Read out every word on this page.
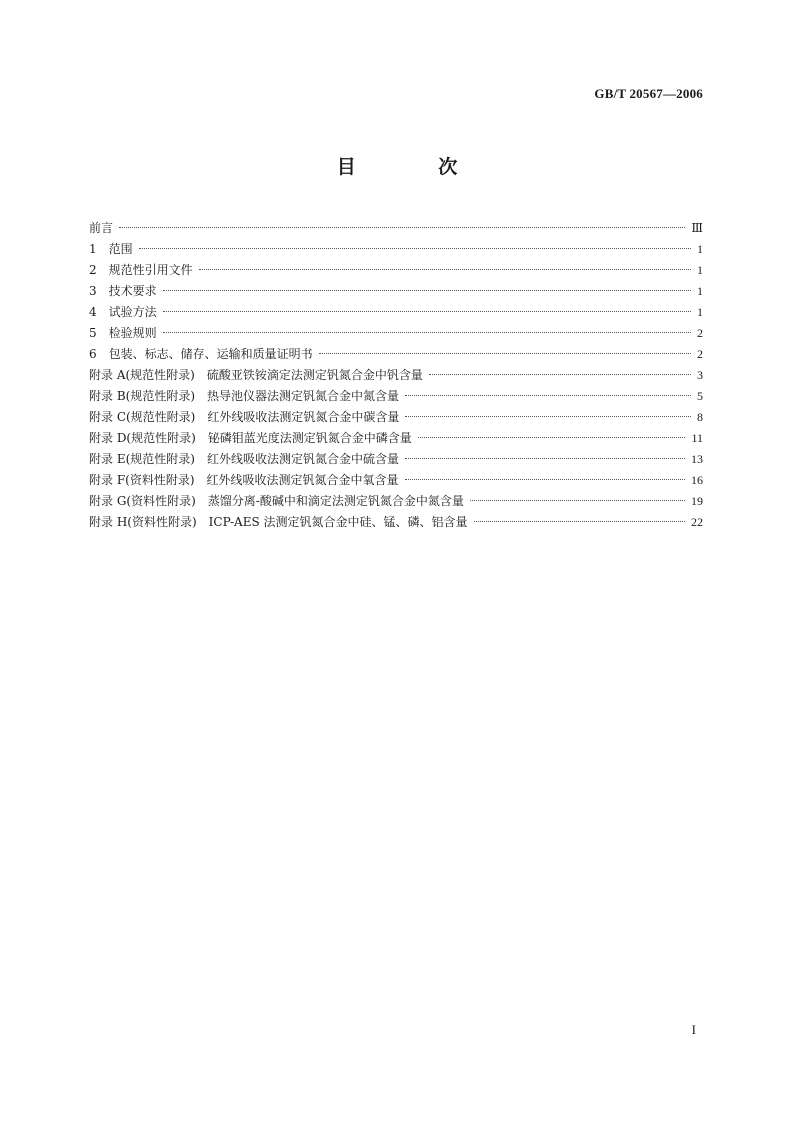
GB/T 20567—2006
目 次
前言	Ⅲ
1　范围	1
2　规范性引用文件	1
3　技术要求	1
4　试验方法	1
5　检验规则	2
6　包装、标志、储存、运输和质量证明书	2
附录 A(规范性附录)　硫酸亚铁铵滴定法测定钒氮合金中钒含量	3
附录 B(规范性附录)　热导池仪器法测定钒氮合金中氮含量	5
附录 C(规范性附录)　红外线吸收法测定钒氮合金中碳含量	8
附录 D(规范性附录)　铋磷钼蓝光度法测定钒氮合金中磷含量	11
附录 E(规范性附录)　红外线吸收法测定钒氮合金中硫含量	13
附录 F(资料性附录)　红外线吸收法测定钒氮合金中氧含量	16
附录 G(资料性附录)　蒸馏分离-酸碱中和滴定法测定钒氮合金中氮含量	19
附录 H(资料性附录)　ICP-AES 法测定钒氮合金中硅、锰、磷、铝含量	22
I
